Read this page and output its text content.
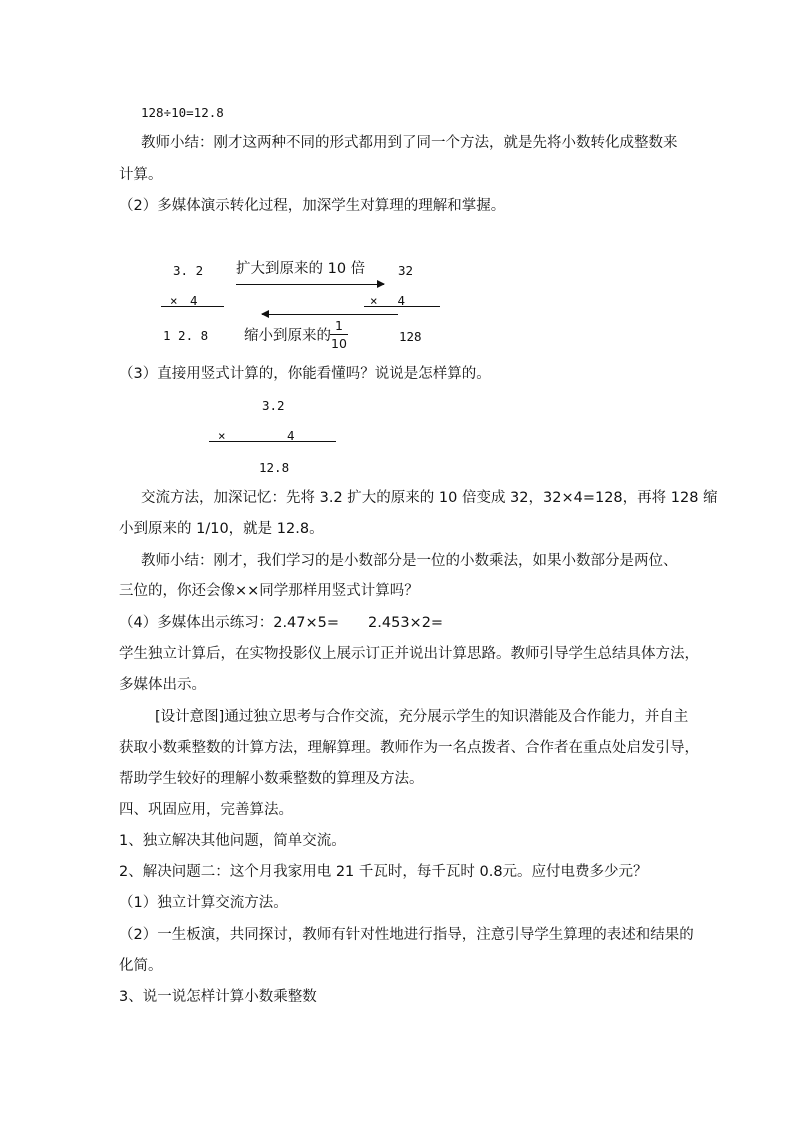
128÷10=12.8
教师小结：刚才这两种不同的形式都用到了同一个方法，就是先将小数转化成整数来
计算。
（2）多媒体演示转化过程，加深学生对算理的理解和掌握。
3. 2 扩大到原来的 10 倍	32
×　4	×　 4
1 2. 8 缩小到原来的
1
10	128
（3）直接用竖式计算的，你能看懂吗？说说是怎样算的。
3.2
×	4
12.8
交流方法，加深记忆：先将 3.2 扩大的原来的 10 倍变成 32，32×4=128，再将 128 缩
小到原来的 1/10，就是 12.8。
教师小结：刚才，我们学习的是小数部分是一位的小数乘法，如果小数部分是两位、
三位的，你还会像××同学那样用竖式计算吗？
（4）多媒体出示练习：2.47×5=　　2.453×2=
学生独立计算后，在实物投影仪上展示订正并说出计算思路。教师引导学生总结具体方法，
多媒体出示。
[设计意图]通过独立思考与合作交流，充分展示学生的知识潜能及合作能力，并自主
获取小数乘整数的计算方法，理解算理。教师作为一名点拨者、合作者在重点处启发引导，
帮助学生较好的理解小数乘整数的算理及方法。
四、巩固应用，完善算法。
1、独立解决其他问题，简单交流。
2、解决问题二：这个月我家用电 21 千瓦时，每千瓦时 0.8元。应付电费多少元？
（1）独立计算交流方法。
（2）一生板演，共同探讨，教师有针对性地进行指导，注意引导学生算理的表述和结果的
化简。
3、说一说怎样计算小数乘整数
